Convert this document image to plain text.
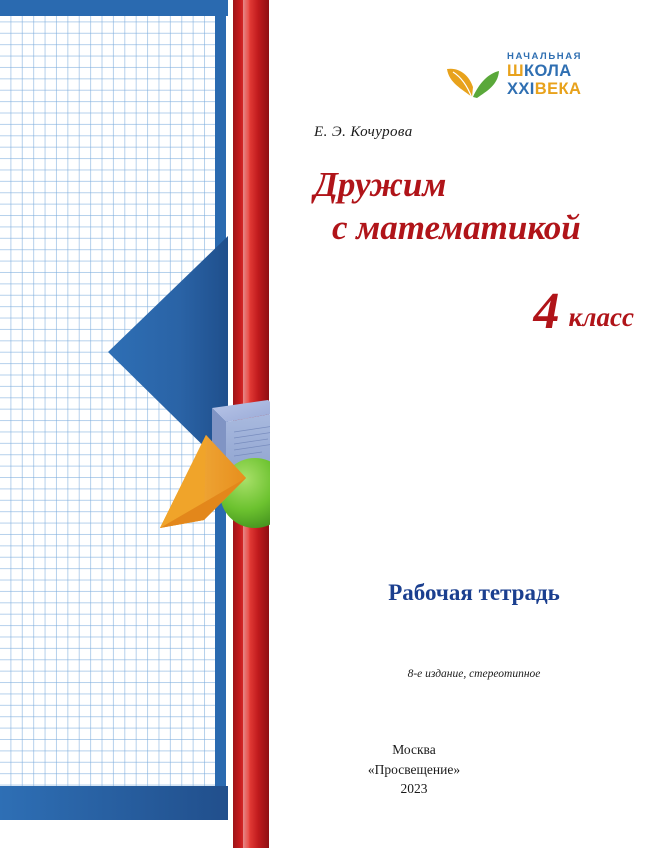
НАЧАЛЬНАЯ
ШКОЛА
XXIВЕКА
Е. Э. Кочурова
Дружим
с математикой
4 класс
Рабочая тетрадь
8-е издание, стереотипное
Москва
«Просвещение»
2023
